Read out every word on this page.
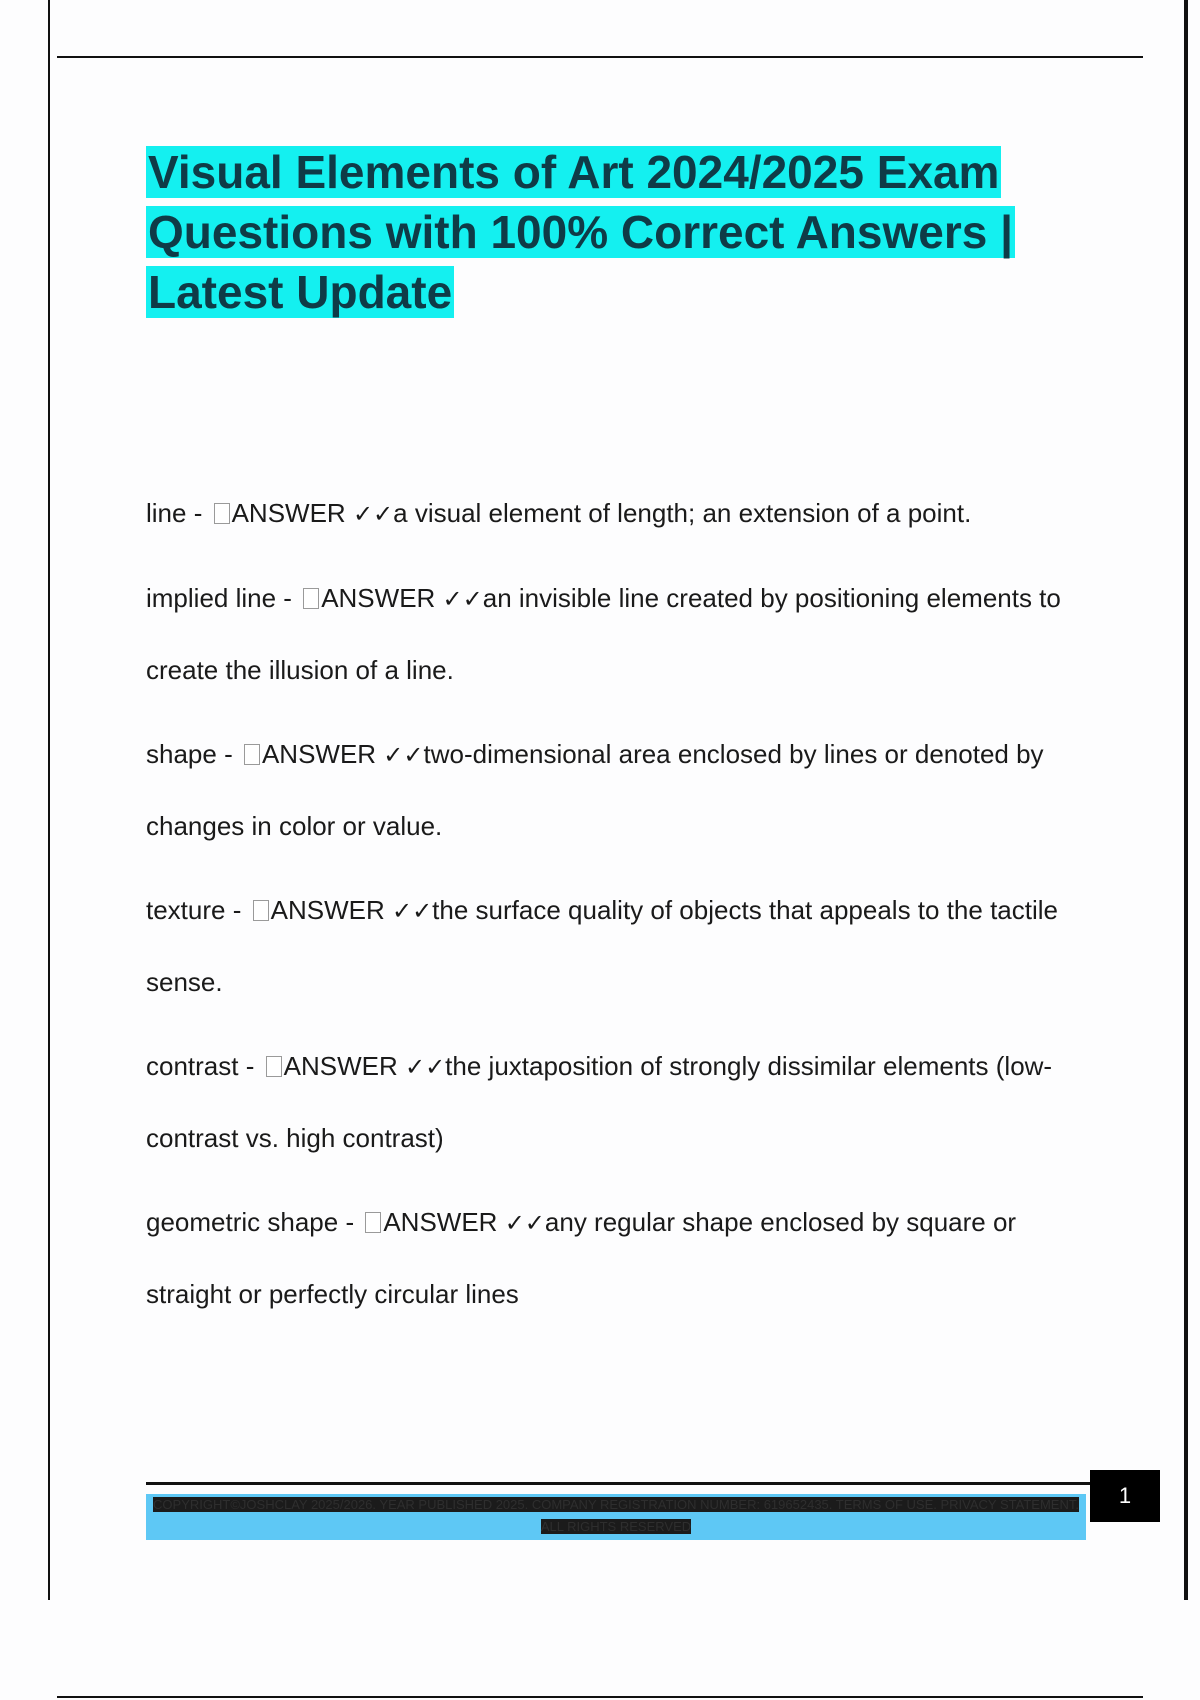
Visual Elements of Art 2024/2025 Exam Questions with 100% Correct Answers | Latest Update

line - ANSWER ✓✓a visual element of length; an extension of a point.

implied line - ANSWER ✓✓an invisible line created by positioning elements to create the illusion of a line.

shape - ANSWER ✓✓two-dimensional area enclosed by lines or denoted by changes in color or value.

texture - ANSWER ✓✓the surface quality of objects that appeals to the tactile sense.

contrast - ANSWER ✓✓the juxtaposition of strongly dissimilar elements (low-contrast vs. high contrast)

geometric shape - ANSWER ✓✓any regular shape enclosed by square or straight or perfectly circular lines

COPYRIGHT©JOSHCLAY 2025/2026. YEAR PUBLISHED 2025. COMPANY REGISTRATION NUMBER: 619652435. TERMS OF USE. PRIVACY STATEMENT. ALL RIGHTS RESERVED
1
